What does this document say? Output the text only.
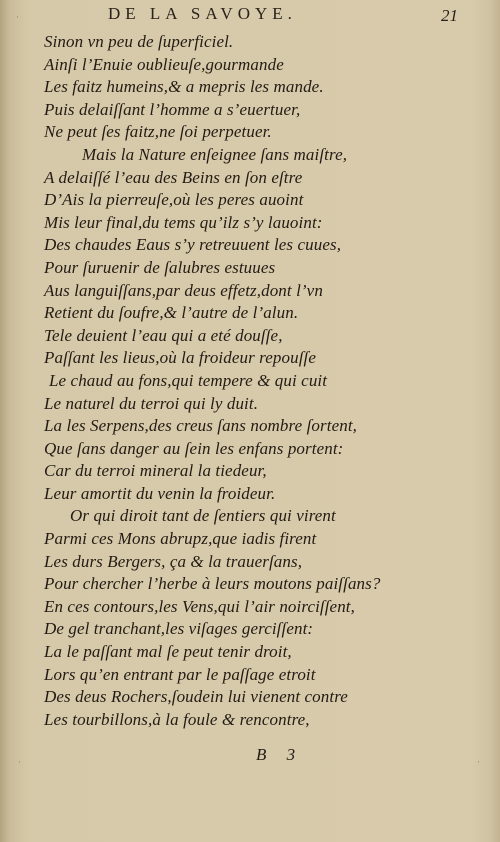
DE LA SAVOYE.	21
Sinon vn peu de ſuperficiel.
Ainſi l’Enuie oublieuſe,gourmande
Les faitz humeins,& a mepris les mande.
Puis delaiſſant l’homme a s’euertuer,
Ne peut ſes faitz,ne ſoi perpetuer.
Mais la Nature enſeignee ſans maiſtre,
A delaiſſé l’eau des Beins en ſon eſtre
D’Ais la pierreuſe,où les peres auoint
Mis leur final,du tems qu’ilz s’y lauoint:
Des chaudes Eaus s’y retreuuent les cuues,
Pour ſuruenir de ſalubres estuues
Aus languiſſans,par deus effetz,dont l’vn
Retient du ſoufre,& l’autre de l’alun.
Tele deuient l’eau qui a eté douſſe,
Paſſant les lieus,où la froideur repouſſe
Le chaud au fons,qui tempere & qui cuit
Le naturel du terroi qui ly duit.
La les Serpens,des creus ſans nombre ſortent,
Que ſans danger au ſein les enfans portent:
Car du terroi mineral la tiedeur,
Leur amortit du venin la froideur.
Or qui diroit tant de ſentiers qui virent
Parmi ces Mons abrupz,que iadis firent
Les durs Bergers, ça & la trauerſans,
Pour chercher l’herbe à leurs moutons paiſſans?
En ces contours,les Vens,qui l’air noirciſſent,
De gel tranchant,les viſages gerciſſent:
La le paſſant mal ſe peut tenir droit,
Lors qu’en entrant par le paſſage etroit
Des deus Rochers,ſoudein lui vienent contre
Les tourbillons,à la foule & rencontre,
B 3
·
·	·
